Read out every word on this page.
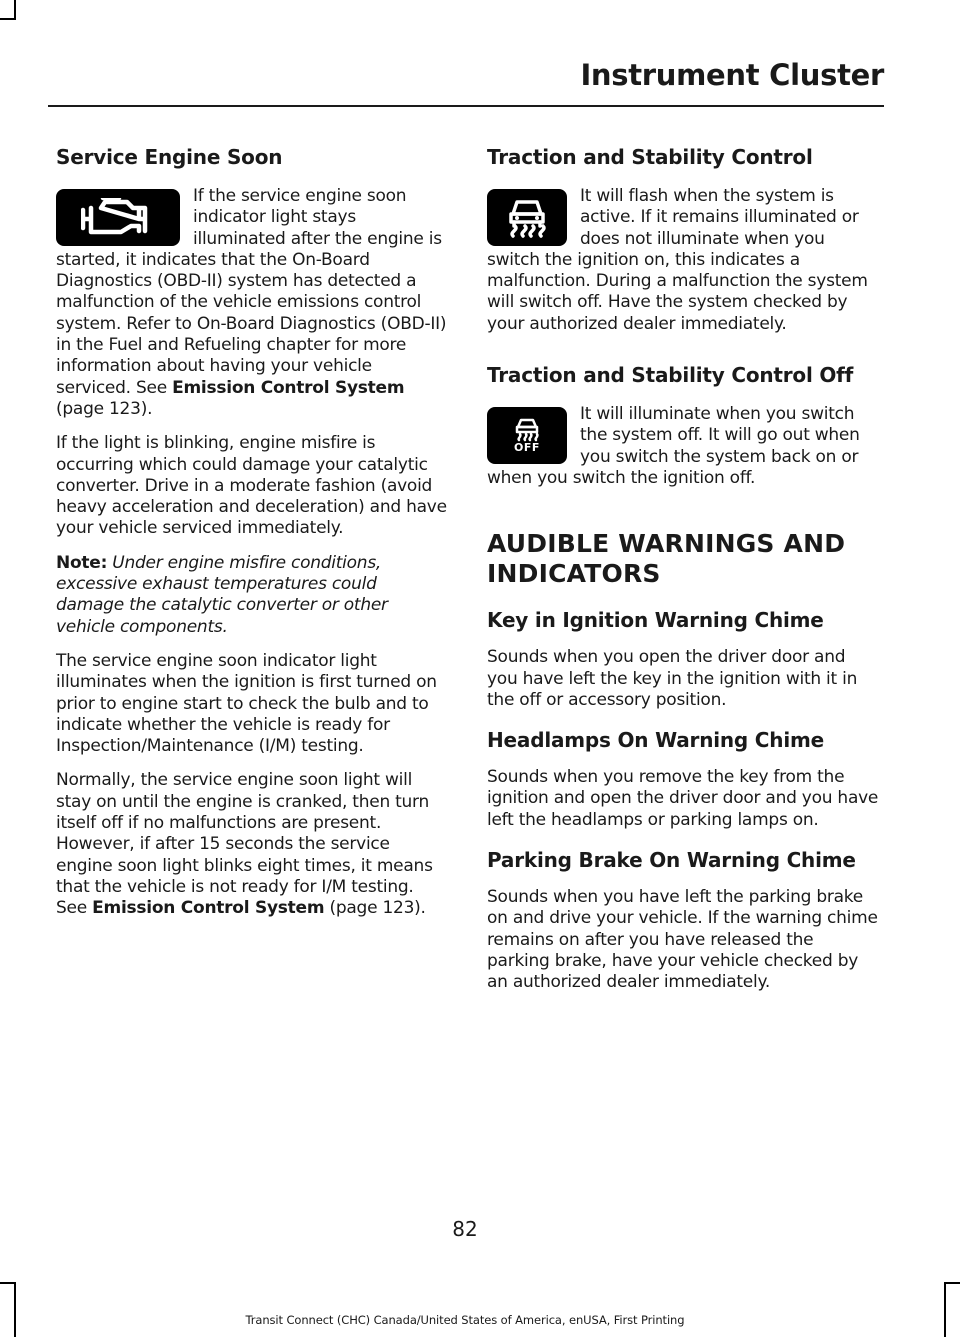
Instrument Cluster
Service Engine Soon

If the service engine soon indicator light stays illuminated after the engine is started, it indicates that the On-Board Diagnostics (OBD-II) system has detected a malfunction of the vehicle emissions control system. Refer to On-Board Diagnostics (OBD-II) in the Fuel and Refueling chapter for more information about having your vehicle serviced. See Emission Control System (page 123).

If the light is blinking, engine misfire is occurring which could damage your catalytic converter. Drive in a moderate fashion (avoid heavy acceleration and deceleration) and have your vehicle serviced immediately.

Note: Under engine misfire conditions, excessive exhaust temperatures could damage the catalytic converter or other vehicle components.

The service engine soon indicator light illuminates when the ignition is first turned on prior to engine start to check the bulb and to indicate whether the vehicle is ready for Inspection/Maintenance (I/M) testing.

Normally, the service engine soon light will stay on until the engine is cranked, then turn itself off if no malfunctions are present. However, if after 15 seconds the service engine soon light blinks eight times, it means that the vehicle is not ready for I/M testing. See Emission Control System (page 123).

Traction and Stability Control

It will flash when the system is active. If it remains illuminated or does not illuminate when you switch the ignition on, this indicates a malfunction. During a malfunction the system will switch off. Have the system checked by your authorized dealer immediately.

Traction and Stability Control Off

OFF
It will illuminate when you switch the system off. It will go out when you switch the system back on or when you switch the ignition off.

AUDIBLE WARNINGS AND
INDICATORS
Key in Ignition Warning Chime

Sounds when you open the driver door and you have left the key in the ignition with it in the off or accessory position.

Headlamps On Warning Chime

Sounds when you remove the key from the ignition and open the driver door and you have left the headlamps or parking lamps on.

Parking Brake On Warning Chime

Sounds when you have left the parking brake on and drive your vehicle. If the warning chime remains on after you have released the parking brake, have your vehicle checked by an authorized dealer immediately.

82
Transit Connect (CHC) Canada/United States of America, enUSA, First Printing
